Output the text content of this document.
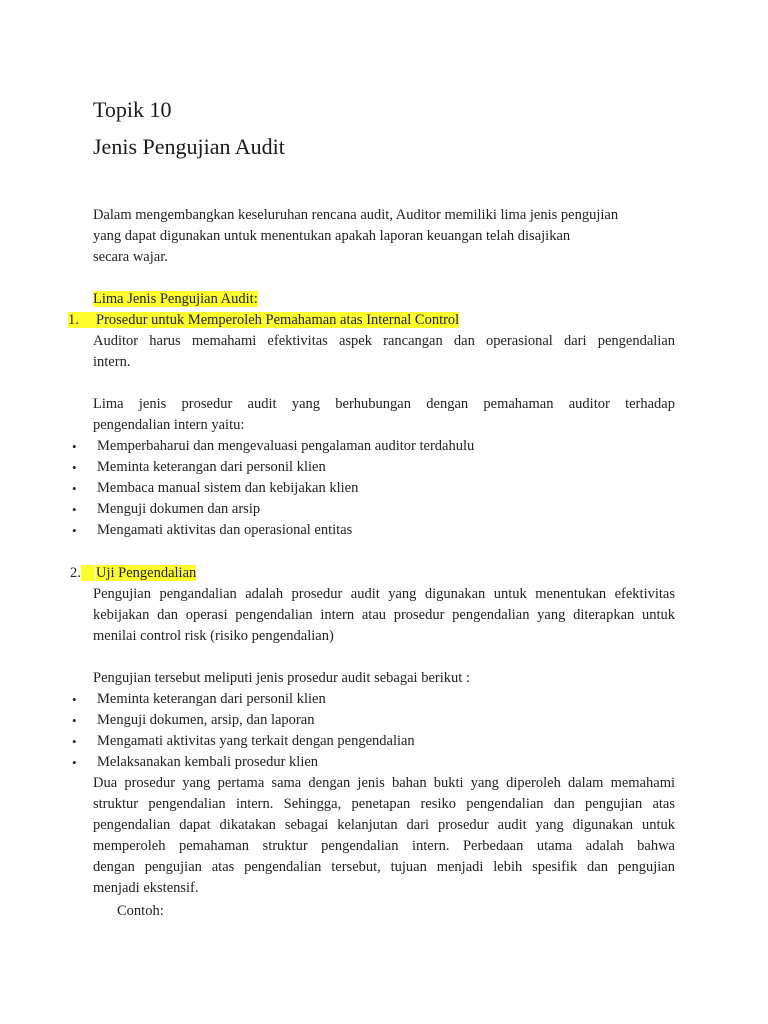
Topik 10
Jenis Pengujian Audit
Dalam mengembangkan keseluruhan rencana audit, Auditor memiliki lima jenis pengujian
yang dapat digunakan untuk menentukan apakah laporan keuangan telah disajikan
secara wajar.
Lima Jenis Pengujian Audit:
1.	Prosedur untuk Memperoleh Pemahaman atas Internal Control
Auditor harus memahami efektivitas aspek rancangan dan operasional dari pengendalian
intern.
Lima jenis prosedur audit yang berhubungan dengan pemahaman auditor terhadap
pengendalian intern yaitu:
• Memperbaharui dan mengevaluasi pengalaman auditor terdahulu
• Meminta keterangan dari personil klien
• Membaca manual sistem dan kebijakan klien
• Menguji dokumen dan arsip
• Mengamati aktivitas dan operasional entitas
2.	Uji Pengendalian
Pengujian pengandalian adalah prosedur audit yang digunakan untuk menentukan efektivitas
kebijakan dan operasi pengendalian intern atau prosedur pengendalian yang diterapkan untuk
menilai control risk (risiko pengendalian)
Pengujian tersebut meliputi jenis prosedur audit sebagai berikut :
• Meminta keterangan dari personil klien
• Menguji dokumen, arsip, dan laporan
• Mengamati aktivitas yang terkait dengan pengendalian
• Melaksanakan kembali prosedur klien
Dua prosedur yang pertama sama dengan jenis bahan bukti yang diperoleh dalam memahami
struktur pengendalian intern. Sehingga, penetapan resiko pengendalian dan pengujian atas
pengendalian dapat dikatakan sebagai kelanjutan dari prosedur audit yang digunakan untuk
memperoleh pemahaman struktur pengendalian intern. Perbedaan utama adalah bahwa
dengan pengujian atas pengendalian tersebut, tujuan menjadi lebih spesifik dan pengujian
menjadi ekstensif.
Contoh:
